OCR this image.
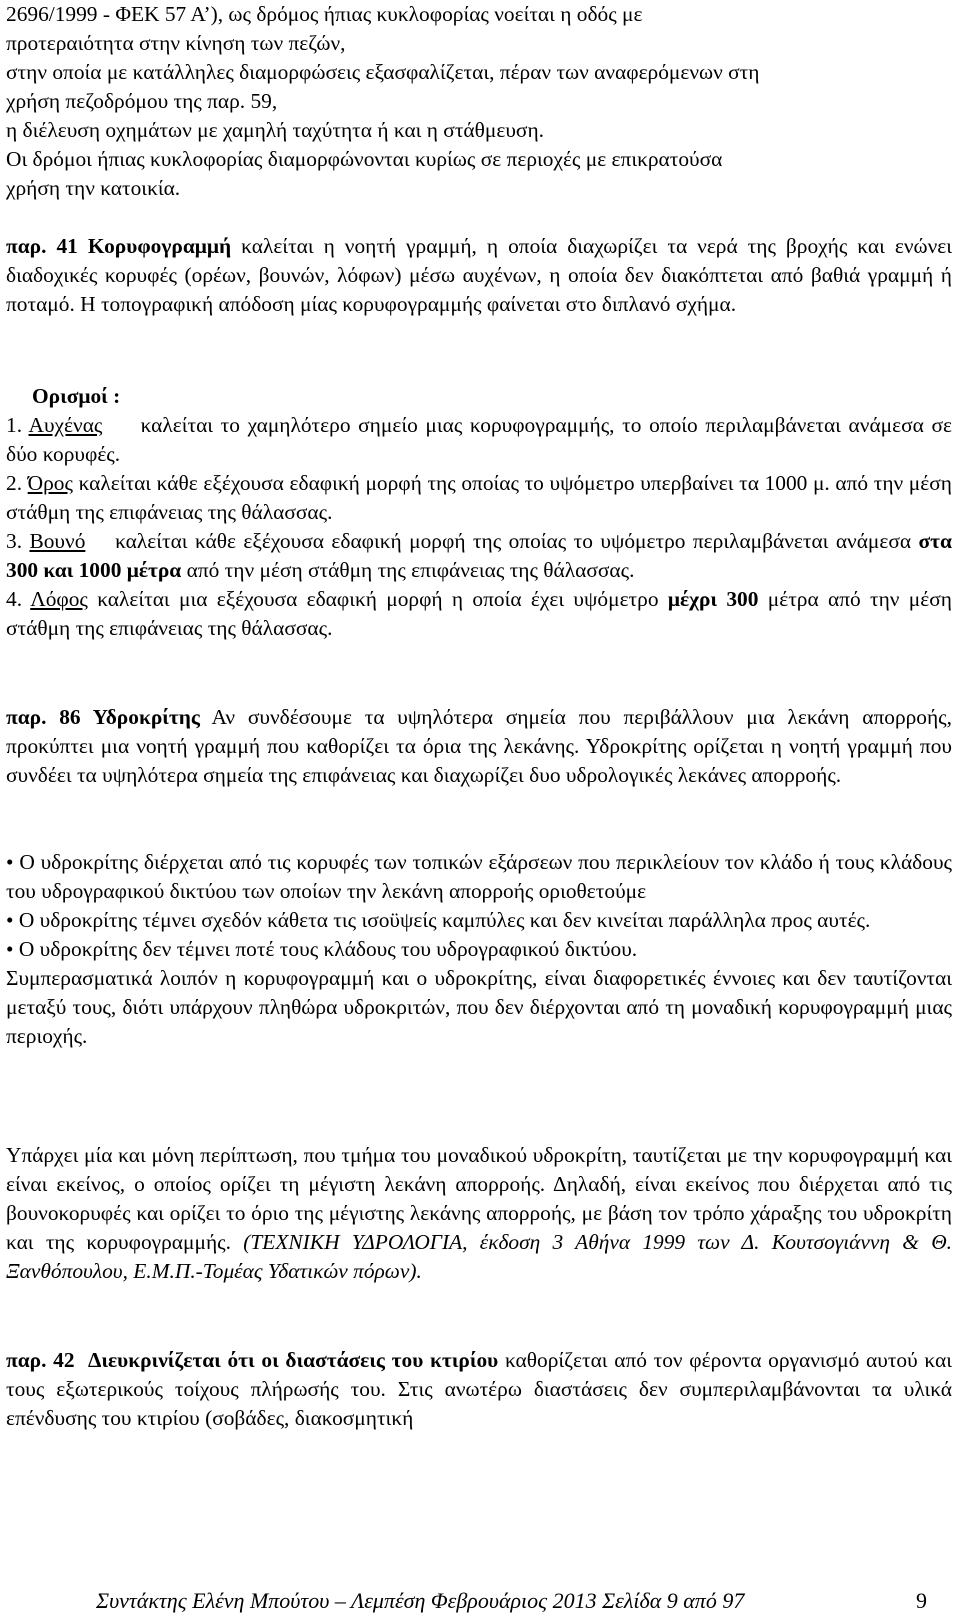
2696/1999 - ΦΕΚ 57 Α’), ως δρόμος ήπιας κυκλοφορίας νοείται η οδός με

προτεραιότητα στην κίνηση των πεζών,

στην οποία με κατάλληλες διαμορφώσεις εξασφαλίζεται, πέραν των αναφερόμενων στη

χρήση πεζοδρόμου της παρ. 59,

η διέλευση οχημάτων με χαμηλή ταχύτητα ή και η στάθμευση.

Οι δρόμοι ήπιας κυκλοφορίας διαμορφώνονται κυρίως σε περιοχές με επικρατούσα

χρήση την κατοικία.

παρ. 41 Κορυφογραμμή καλείται η νοητή γραμμή, η οποία διαχωρίζει τα νερά της βροχής και ενώνει διαδοχικές κορυφές (ορέων, βουνών, λόφων) μέσω αυχένων, η οποία δεν διακόπτεται από βαθιά γραμμή ή ποταμό. Η τοπογραφική απόδοση μίας κορυφογραμμής φαίνεται στο διπλανό σχήμα.

Ορισμοί :

1. Αυχένας καλείται το χαμηλότερο σημείο μιας κορυφογραμμής, το οποίο περιλαμβάνεται ανάμεσα σε δύο κορυφές.

2. Όρος καλείται κάθε εξέχουσα εδαφική μορφή της οποίας το υψόμετρο υπερβαίνει τα 1000 μ. από την μέση στάθμη της επιφάνειας της θάλασσας.

3. Βουνό καλείται κάθε εξέχουσα εδαφική μορφή της οποίας το υψόμετρο περιλαμβάνεται ανάμεσα στα 300 και 1000 μέτρα από την μέση στάθμη της επιφάνειας της θάλασσας.

4. Λόφος καλείται μια εξέχουσα εδαφική μορφή η οποία έχει υψόμετρο μέχρι 300 μέτρα από την μέση στάθμη της επιφάνειας της θάλασσας.

παρ. 86 Υδροκρίτης Αν συνδέσουμε τα υψηλότερα σημεία που περιβάλλουν μια λεκάνη απορροής, προκύπτει μια νοητή γραμμή που καθορίζει τα όρια της λεκάνης. Υδροκρίτης ορίζεται η νοητή γραμμή που συνδέει τα υψηλότερα σημεία της επιφάνειας και διαχωρίζει δυο υδρολογικές λεκάνες απορροής.

• Ο υδροκρίτης διέρχεται από τις κορυφές των τοπικών εξάρσεων που περικλείουν τον κλάδο ή τους κλάδους του υδρογραφικού δικτύου των οποίων την λεκάνη απορροής οριοθετούμε

• Ο υδροκρίτης τέμνει σχεδόν κάθετα τις ισοϋψείς καμπύλες και δεν κινείται παράλληλα προς αυτές.

• Ο υδροκρίτης δεν τέμνει ποτέ τους κλάδους του υδρογραφικού δικτύου.

Συμπερασματικά λοιπόν η κορυφογραμμή και ο υδροκρίτης, είναι διαφορετικές έννοιες και δεν ταυτίζονται μεταξύ τους, διότι υπάρχουν πληθώρα υδροκριτών, που δεν διέρχονται από τη μοναδική κορυφογραμμή μιας περιοχής.

Υπάρχει μία και μόνη περίπτωση, που τμήμα του μοναδικού υδροκρίτη, ταυτίζεται με την κορυφογραμμή και είναι εκείνος, ο οποίος ορίζει τη μέγιστη λεκάνη απορροής. Δηλαδή, είναι εκείνος που διέρχεται από τις βουνοκορυφές και ορίζει το όριο της μέγιστης λεκάνης απορροής, με βάση τον τρόπο χάραξης του υδροκρίτη και της κορυφογραμμής. (ΤΕΧΝΙΚΗ ΥΔΡΟΛΟΓΙΑ, έκδοση 3 Αθήνα 1999 των Δ. Κουτσογιάννη & Θ. Ξανθόπουλου, Ε.Μ.Π.-Τομέας Υδατικών πόρων).

παρ. 42 Διευκρινίζεται ότι οι διαστάσεις του κτιρίου καθορίζεται από τον φέροντα οργανισμό αυτού και τους εξωτερικούς τοίχους πλήρωσής του. Στις ανωτέρω διαστάσεις δεν συμπεριλαμβάνονται τα υλικά επένδυσης του κτιρίου (σοβάδες, διακοσμητική

Συντάκτης Ελένη Μπούτου – Λεμπέση Φεβρουάριος 2013 Σελίδα 9 από 97	9
